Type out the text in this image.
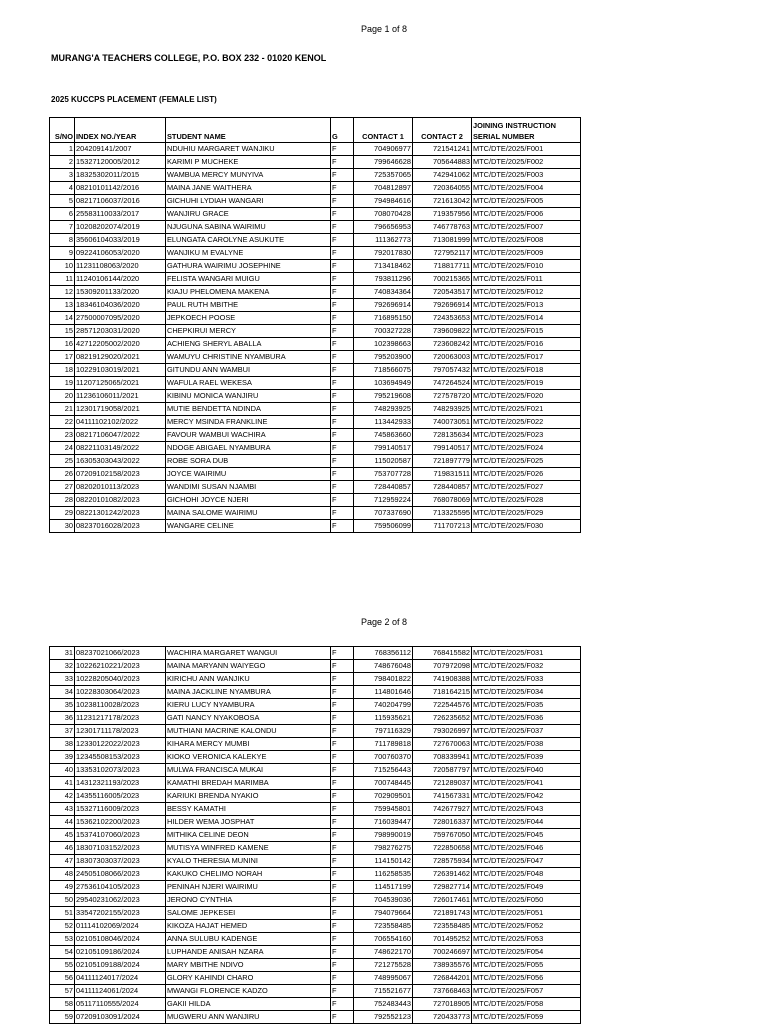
Page 1 of 8
MURANG'A TEACHERS COLLEGE, P.O. BOX 232 - 01020 KENOL
2025 KUCCPS PLACEMENT (FEMALE LIST)
S/NO	INDEX NO./YEAR	STUDENT NAME	G	CONTACT 1	CONTACT 2	JOINING INSTRUCTION SERIAL NUMBER
1	204209141/2007	NDUHIU MARGARET WANJIKU	F	704906977	721541241	MTC/DTE/2025/F001
2	15327120005/2012	KARIMI P MUCHEKE	F	799646628	705644883	MTC/DTE/2025/F002
3	18325302011/2015	WAMBUA MERCY MUNYIVA	F	725357065	742941062	MTC/DTE/2025/F003
4	08210101142/2016	MAINA JANE WAITHERA	F	704812897	720364055	MTC/DTE/2025/F004
5	08217106037/2016	GICHUHI LYDIAH WANGARI	F	794984616	721613042	MTC/DTE/2025/F005
6	25583110033/2017	WANJIRU GRACE	F	708070428	719357956	MTC/DTE/2025/F006
7	10208202074/2019	NJUGUNA SABINA WAIRIMU	F	796656953	746778763	MTC/DTE/2025/F007
8	35606104033/2019	ELUNGATA CAROLYNE ASUKUTE	F	111362773	713081999	MTC/DTE/2025/F008
9	09224106053/2020	WANJIKU M EVALYNE	F	792017830	727952117	MTC/DTE/2025/F009
10	11231108063/2020	GATHURA WAIRIMU JOSEPHINE	F	713418462	718817711	MTC/DTE/2025/F010
11	11240106144/2020	FELISTA WANGARI MUIGU	F	793811296	700215365	MTC/DTE/2025/F011
12	15309201133/2020	KIAJU PHELOMENA MAKENA	F	740834364	720543517	MTC/DTE/2025/F012
13	18346104036/2020	PAUL RUTH MBITHE	F	792696914	792696914	MTC/DTE/2025/F013
14	27500007095/2020	JEPKOECH POOSE	F	716895150	724353653	MTC/DTE/2025/F014
15	28571203031/2020	CHEPKIRUI MERCY	F	700327228	739609822	MTC/DTE/2025/F015
16	42712205002/2020	ACHIENG SHERYL ABALLA	F	102398663	723608242	MTC/DTE/2025/F016
17	08219129020/2021	WAMUYU CHRISTINE NYAMBURA	F	795203900	720063003	MTC/DTE/2025/F017
18	10229103019/2021	GITUNDU ANN WAMBUI	F	718566075	797057432	MTC/DTE/2025/F018
19	11207125065/2021	WAFULA RAEL WEKESA	F	103694949	747264524	MTC/DTE/2025/F019
20	11236106011/2021	KIBINU MONICA WANJIRU	F	795219608	727578720	MTC/DTE/2025/F020
21	12301719058/2021	MUTIE BENDETTA NDINDA	F	748293925	748293925	MTC/DTE/2025/F021
22	04111102102/2022	MERCY MSINDA FRANKLINE	F	113442933	740073051	MTC/DTE/2025/F022
23	08217106047/2022	FAVOUR WAMBUI WACHIRA	F	745863660	728135634	MTC/DTE/2025/F023
24	08221103149/2022	NDOGE ABIGAEL NYAMBURA	F	799140517	799140517	MTC/DTE/2025/F024
25	16305303043/2022	ROBE SORA DUB	F	115020587	721897779	MTC/DTE/2025/F025
26	07209102158/2023	JOYCE WAIRIMU	F	753707728	719831511	MTC/DTE/2025/F026
27	08202010113/2023	WANDIMI SUSAN NJAMBI	F	728440857	728440857	MTC/DTE/2025/F027
28	08220101082/2023	GICHOHI JOYCE NJERI	F	712959224	768078069	MTC/DTE/2025/F028
29	08221301242/2023	MAINA SALOME WAIRIMU	F	707337690	713325595	MTC/DTE/2025/F029
30	08237016028/2023	WANGARE CELINE	F	759506099	711707213	MTC/DTE/2025/F030
Page 2 of 8
31	08237021066/2023	WACHIRA MARGARET WANGUI	F	768356112	768415582	MTC/DTE/2025/F031
32	10226210221/2023	MAINA MARYANN WAIYEGO	F	748676048	707972098	MTC/DTE/2025/F032
33	10228205040/2023	KIRICHU ANN WANJIKU	F	798401822	741908388	MTC/DTE/2025/F033
34	10228303064/2023	MAINA JACKLINE NYAMBURA	F	114801646	718164215	MTC/DTE/2025/F034
35	10238110028/2023	KIERU LUCY NYAMBURA	F	740204799	722544576	MTC/DTE/2025/F035
36	11231217178/2023	GATI NANCY NYAKOBOSA	F	115935621	726235652	MTC/DTE/2025/F036
37	12301711178/2023	MUTHIANI MACRINE KALONDU	F	797116329	793026997	MTC/DTE/2025/F037
38	12330122022/2023	KIHARA MERCY MUMBI	F	711789818	727670063	MTC/DTE/2025/F038
39	12345508153/2023	KIOKO VERONICA KALEKYE	F	700760370	708339941	MTC/DTE/2025/F039
40	13353102073/2023	MULWA FRANCISCA MUKAI	F	715256443	720587797	MTC/DTE/2025/F040
41	14312321193/2023	KAMATHI BREDAH MARIMBA	F	700748445	721289037	MTC/DTE/2025/F041
42	14355116005/2023	KARIUKI BRENDA NYAKIO	F	702909501	741567331	MTC/DTE/2025/F042
43	15327116009/2023	BESSY KAMATHI	F	759945801	742677927	MTC/DTE/2025/F043
44	15362102200/2023	HILDER WEMA JOSPHAT	F	716039447	728016337	MTC/DTE/2025/F044
45	15374107060/2023	MITHIKA CELINE DEON	F	798990019	759767050	MTC/DTE/2025/F045
46	18307103152/2023	MUTISYA WINFRED KAMENE	F	798276275	722850658	MTC/DTE/2025/F046
47	18307303037/2023	KYALO THERESIA MUNINI	F	114150142	728575934	MTC/DTE/2025/F047
48	24505108066/2023	KAKUKO CHELIMO NORAH	F	116258535	726391462	MTC/DTE/2025/F048
49	27536104105/2023	PENINAH NJERI WAIRIMU	F	114517199	729827714	MTC/DTE/2025/F049
50	29540231062/2023	JERONO CYNTHIA	F	704539036	726017461	MTC/DTE/2025/F050
51	33547202155/2023	SALOME JEPKESEI	F	794079664	721891743	MTC/DTE/2025/F051
52	01114102069/2024	KIKOZA HAJAT HEMED	F	723558485	723558485	MTC/DTE/2025/F052
53	02105108046/2024	ANNA SULUBU KADENGE	F	706554160	701495252	MTC/DTE/2025/F053
54	02105109186/2024	LUPHANDE ANISAH NZARA	F	748622170	700246697	MTC/DTE/2025/F054
55	02105109188/2024	MARY MBITHE NDIVO	F	721275528	738935576	MTC/DTE/2025/F055
56	04111124017/2024	GLORY KAHINDI CHARO	F	748995067	726844201	MTC/DTE/2025/F056
57	04111124061/2024	MWANGI FLORENCE KADZO	F	715521677	737668463	MTC/DTE/2025/F057
58	05117110555/2024	GAKII HILDA	F	752483443	727018905	MTC/DTE/2025/F058
59	07209103091/2024	MUGWERU ANN WANJIRU	F	792552123	720433773	MTC/DTE/2025/F059
